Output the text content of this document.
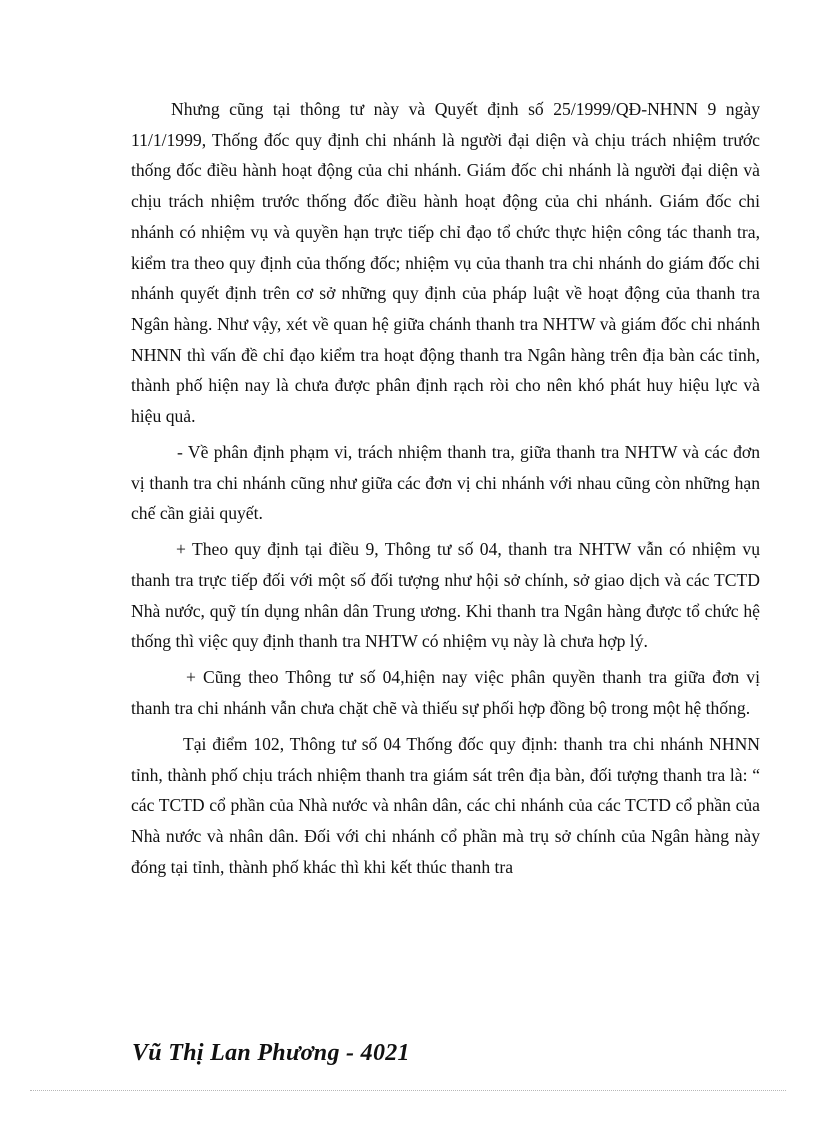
Nhưng cũng tại thông tư này và Quyết định số 25/1999/QĐ-NHNN 9 ngày 11/1/1999, Thống đốc quy định chi nhánh là người đại diện và chịu trách nhiệm trước thống đốc điều hành hoạt động của chi nhánh. Giám đốc chi nhánh là người đại diện và chịu trách nhiệm trước thống đốc điều hành hoạt động của chi nhánh. Giám đốc chi nhánh có nhiệm vụ và quyền hạn trực tiếp chỉ đạo tổ chức thực hiện công tác thanh tra, kiểm tra theo quy định của thống đốc; nhiệm vụ của thanh tra chi nhánh do giám đốc chi nhánh quyết định trên cơ sở những quy định của pháp luật về hoạt động của thanh tra Ngân hàng. Như vậy, xét về quan hệ giữa chánh thanh tra NHTW và giám đốc chi nhánh NHNN thì vấn đề chỉ đạo kiểm tra hoạt động thanh tra Ngân hàng trên địa bàn các tỉnh, thành phố hiện nay là chưa được phân định rạch ròi cho nên khó phát huy hiệu lực và hiệu quả.

- Về phân định phạm vi, trách nhiệm thanh tra, giữa thanh tra NHTW và các đơn vị thanh tra chi nhánh cũng như giữa các đơn vị chi nhánh với nhau cũng còn những hạn chế cần giải quyết.

+ Theo quy định tại điều 9, Thông tư số 04, thanh tra NHTW vẫn có nhiệm vụ thanh tra trực tiếp đối với một số đối tượng như hội sở chính, sở giao dịch và các TCTD Nhà nước, quỹ tín dụng nhân dân Trung ương. Khi thanh tra Ngân hàng được tổ chức hệ thống thì việc quy định thanh tra NHTW có nhiệm vụ này là chưa hợp lý.

+ Cũng theo Thông tư số 04,hiện nay việc phân quyền thanh tra giữa đơn vị thanh tra chi nhánh vẫn chưa chặt chẽ và thiếu sự phối hợp đồng bộ trong một hệ thống.

Tại điểm 102, Thông tư số 04 Thống đốc quy định: thanh tra chi nhánh NHNN tỉnh, thành phố chịu trách nhiệm thanh tra giám sát trên địa bàn, đối tượng thanh tra là: “ các TCTD cổ phần của Nhà nước và nhân dân, các chi nhánh của các TCTD cổ phần của Nhà nước và nhân dân. Đối với chi nhánh cổ phần mà trụ sở chính của Ngân hàng này đóng tại tỉnh, thành phố khác thì khi kết thúc thanh tra

Vũ Thị Lan Phương - 4021
